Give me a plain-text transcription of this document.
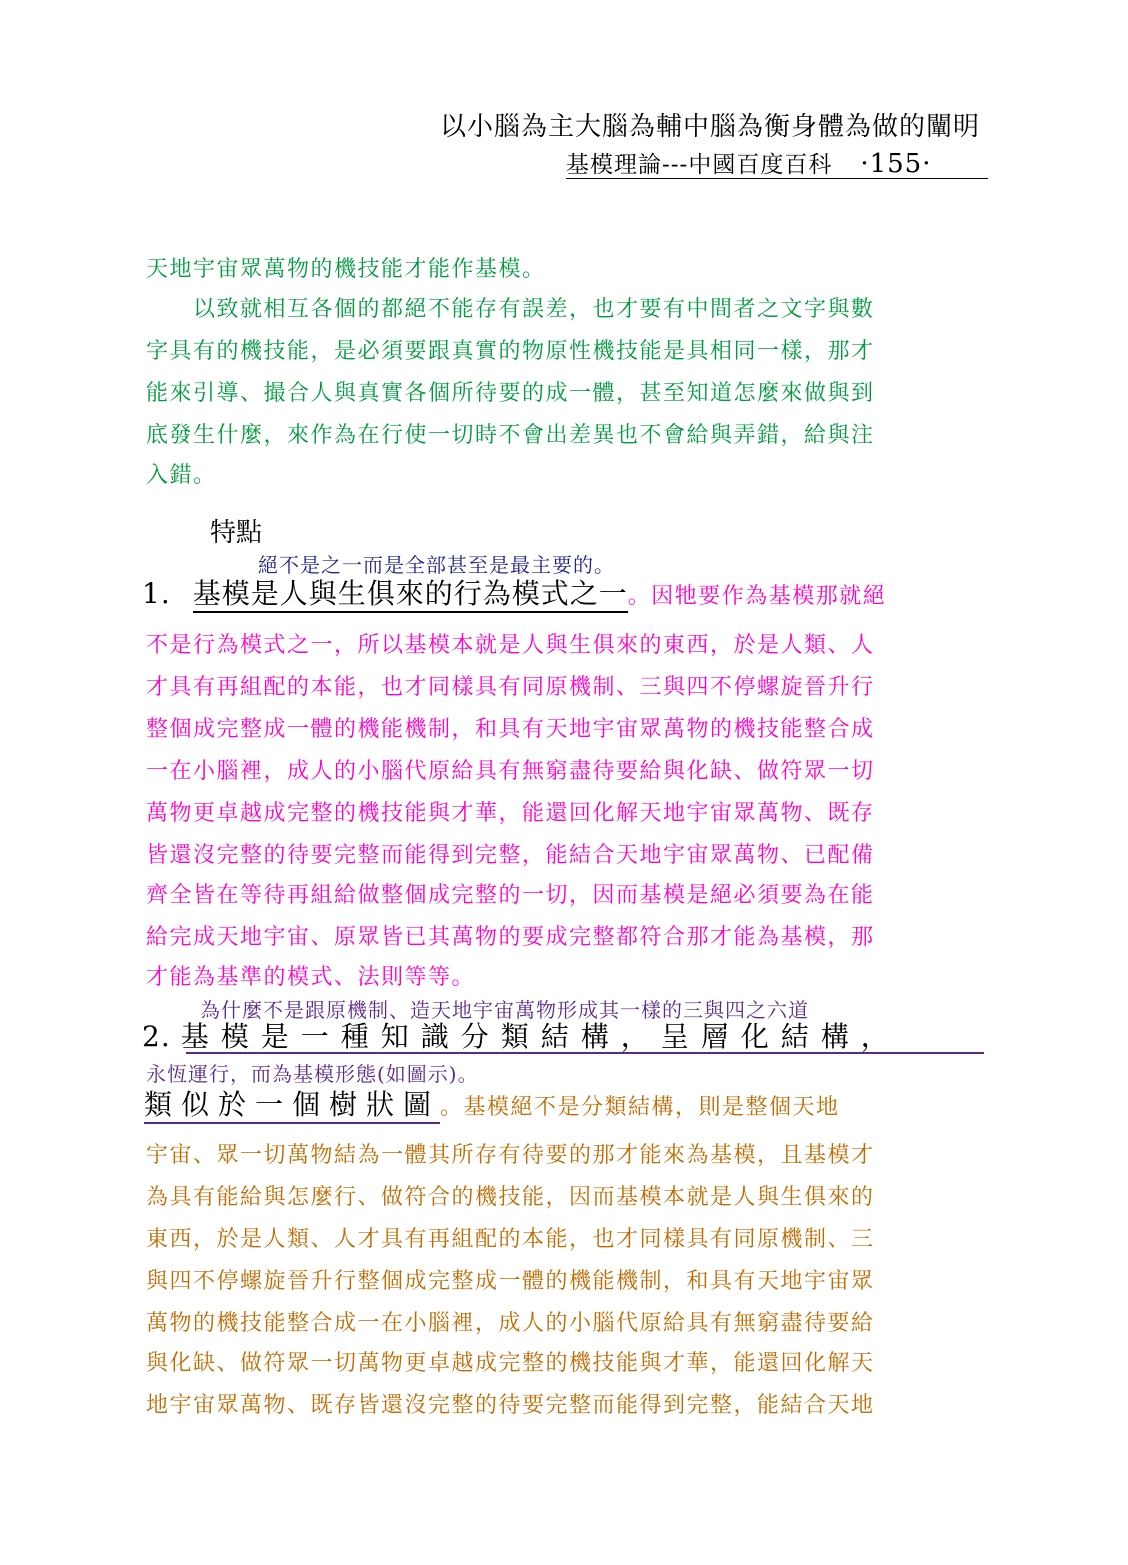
以小腦為主大腦為輔中腦為衡身體為做的闡明
基模理論---中國百度百科 ·155·
天地宇宙眾萬物的機技能才能作基模。
　　以致就相互各個的都絕不能存有誤差，也才要有中間者之文字與數
字具有的機技能，是必須要跟真實的物原性機技能是具相同一樣，那才
能來引導、撮合人與真實各個所待要的成一體，甚至知道怎麼來做與到
底發生什麼，來作為在行使一切時不會出差異也不會給與弄錯，給與注
入錯。
特點
絕不是之一而是全部甚至是最主要的。
1. 基模是人與生俱來的行為模式之一。因牠要作為基模那就絕
不是行為模式之一，所以基模本就是人與生俱來的東西，於是人類、人
才具有再組配的本能，也才同樣具有同原機制、三與四不停螺旋晉升行
整個成完整成一體的機能機制，和具有天地宇宙眾萬物的機技能整合成
一在小腦裡，成人的小腦代原給具有無窮盡待要給與化缺、做符眾一切
萬物更卓越成完整的機技能與才華，能還回化解天地宇宙眾萬物、既存
皆還沒完整的待要完整而能得到完整，能結合天地宇宙眾萬物、已配備
齊全皆在等待再組給做整個成完整的一切，因而基模是絕必須要為在能
給完成天地宇宙、原眾皆已其萬物的要成完整都符合那才能為基模，那
才能為基準的模式、法則等等。
為什麼不是跟原機制、造天地宇宙萬物形成其一樣的三與四之六道
2. 基模是一種知識分類結構，呈層化結構，
永恆運行，而為基模形態(如圖示)。
類似於一個樹狀圖。基模絕不是分類結構，則是整個天地
宇宙、眾一切萬物結為一體其所存有待要的那才能來為基模，且基模才
為具有能給與怎麼行、做符合的機技能，因而基模本就是人與生俱來的
東西，於是人類、人才具有再組配的本能，也才同樣具有同原機制、三
與四不停螺旋晉升行整個成完整成一體的機能機制，和具有天地宇宙眾
萬物的機技能整合成一在小腦裡，成人的小腦代原給具有無窮盡待要給
與化缺、做符眾一切萬物更卓越成完整的機技能與才華，能還回化解天
地宇宙眾萬物、既存皆還沒完整的待要完整而能得到完整，能結合天地
